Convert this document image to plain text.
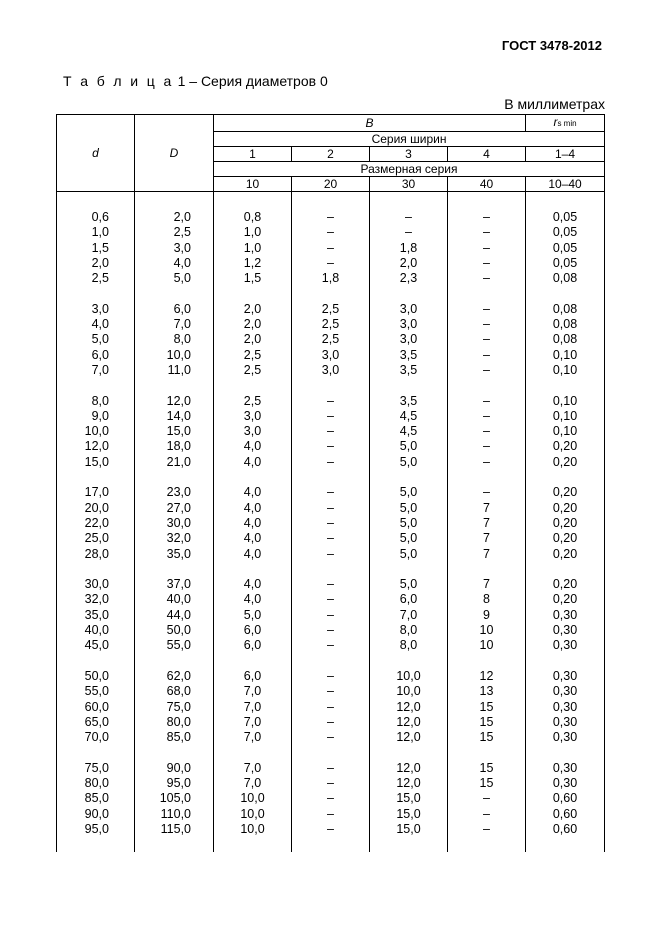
ГОСТ 3478-2012
Т а б л и ц а 1 – Серия диаметров 0
В миллиметрах
d	D	B				rs min
		Серия ширин				
		1	2	3	4	1–4
		Размерная серия				
		10	20	30	40	10–40

0,6	2,0	0,8	–	–	–	0,05
1,0	2,5	1,0	–	–	–	0,05
1,5	3,0	1,0	–	1,8	–	0,05
2,0	4,0	1,2	–	2,0	–	0,05
2,5	5,0	1,5	1,8	2,3	–	0,08

3,0	6,0	2,0	2,5	3,0	–	0,08
4,0	7,0	2,0	2,5	3,0	–	0,08
5,0	8,0	2,0	2,5	3,0	–	0,08
6,0	10,0	2,5	3,0	3,5	–	0,10
7,0	11,0	2,5	3,0	3,5	–	0,10

8,0	12,0	2,5	–	3,5	–	0,10
9,0	14,0	3,0	–	4,5	–	0,10
10,0	15,0	3,0	–	4,5	–	0,10
12,0	18,0	4,0	–	5,0	–	0,20
15,0	21,0	4,0	–	5,0	–	0,20

17,0	23,0	4,0	–	5,0	–	0,20
20,0	27,0	4,0	–	5,0	7	0,20
22,0	30,0	4,0	–	5,0	7	0,20
25,0	32,0	4,0	–	5,0	7	0,20
28,0	35,0	4,0	–	5,0	7	0,20

30,0	37,0	4,0	–	5,0	7	0,20
32,0	40,0	4,0	–	6,0	8	0,20
35,0	44,0	5,0	–	7,0	9	0,30
40,0	50,0	6,0	–	8,0	10	0,30
45,0	55,0	6,0	–	8,0	10	0,30

50,0	62,0	6,0	–	10,0	12	0,30
55,0	68,0	7,0	–	10,0	13	0,30
60,0	75,0	7,0	–	12,0	15	0,30
65,0	80,0	7,0	–	12,0	15	0,30
70,0	85,0	7,0	–	12,0	15	0,30

75,0	90,0	7,0	–	12,0	15	0,30
80,0	95,0	7,0	–	12,0	15	0,30
85,0	105,0	10,0	–	15,0	–	0,60
90,0	110,0	10,0	–	15,0	–	0,60
95,0	115,0	10,0	–	15,0	–	0,60
